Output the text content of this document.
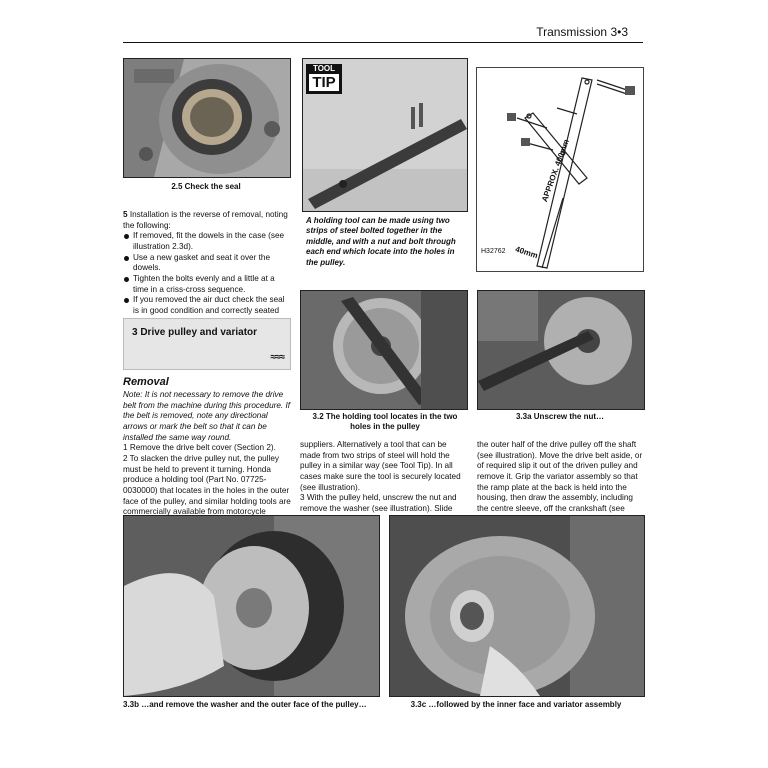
Transmission 3•3
2.5 Check the seal
TOOL
TIP
A holding tool can be made using two strips of steel bolted together in the middle, and with a nut and bolt through each end which locate into the holes in the pulley.
H32762
APPROX. 400mm
40mm

5 Installation is the reverse of removal, noting the following:

If removed, fit the dowels in the case (see illustration 2.3d).

Use a new gasket and seat it over the dowels.

Tighten the bolts evenly and a little at a time in a criss-cross sequence.

If you removed the air duct check the seal is in good condition and correctly seated

3 Drive pulley and variator
≈≈≈
Removal

Note: It is not necessary to remove the drive belt from the machine during this procedure. If the belt is removed, note any directional arrows or mark the belt so that it can be installed the same way round.

1 Remove the drive belt cover (Section 2).

2 To slacken the drive pulley nut, the pulley must be held to prevent it turning. Honda produce a holding tool (Part No. 07725-0030000) that locates in the holes in the outer face of the pulley, and similar holding tools are commercially available from motorcycle

3.2 The holding tool locates in the two holes in the pulley
3.3a Unscrew the nut…

suppliers. Alternatively a tool that can be made from two strips of steel will hold the pulley in a similar way (see Tool Tip). In all cases make sure the tool is securely located (see illustration).

3 With the pulley held, unscrew the nut and remove the washer (see illustration). Slide

the outer half of the drive pulley off the shaft (see illustration). Move the drive belt aside, or of required slip it out of the driven pulley and remove it. Grip the variator assembly so that the ramp plate at the back is held into the housing, then draw the assembly, including the centre sleeve, off the crankshaft (see

3.3b …and remove the washer and the outer face of the pulley…	3.3c …followed by the inner face and variator assembly
